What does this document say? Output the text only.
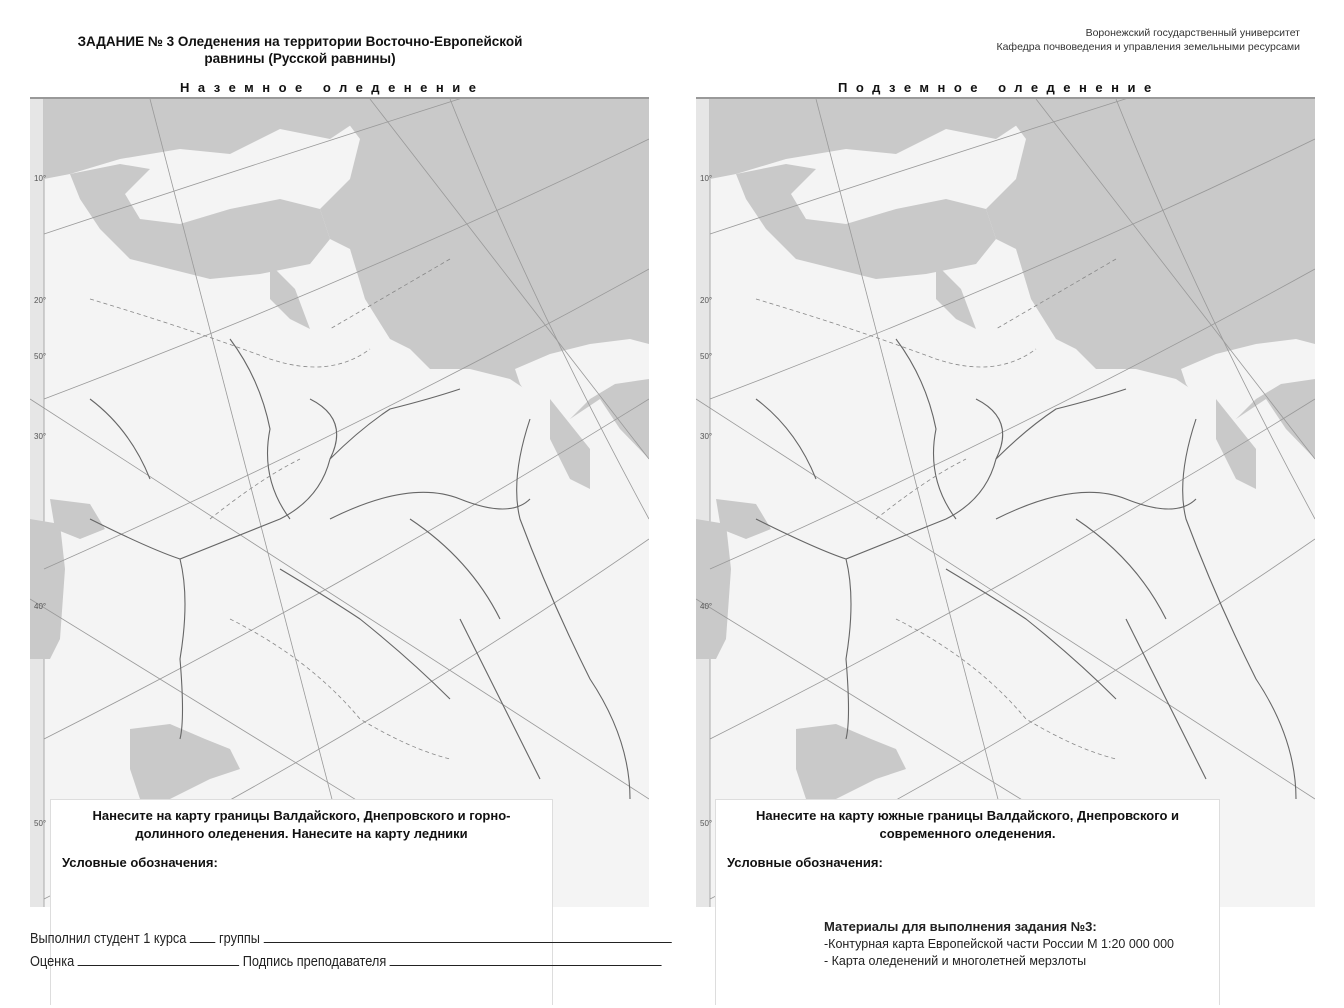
ЗАДАНИЕ № 3 Оледенения на территории Восточно-Европейской
равнины (Русской равнины)
Воронежский государственный университет
Кафедра почвоведения и управления земельными ресурсами
Наземное оледенение	Подземное оледенение
10°
20°
50°
30°
40°
50°
Нанесите на карту границы Валдайского, Днепровского и горно-долинного оледенения. Нанесите на карту ледники
Условные обозначения:
10°
20°
50°
30°
40°
50°
Нанесите на карту южные границы Валдайского, Днепровского и современного оледенения.
Условные обозначения:
Выполнил студент 1 курса группы
Оценка	Подпись преподавателя
Материалы для выполнения задания №3:
-Контурная карта Европейской части России М 1:20 000 000
- Карта оледенений и многолетней мерзлоты
